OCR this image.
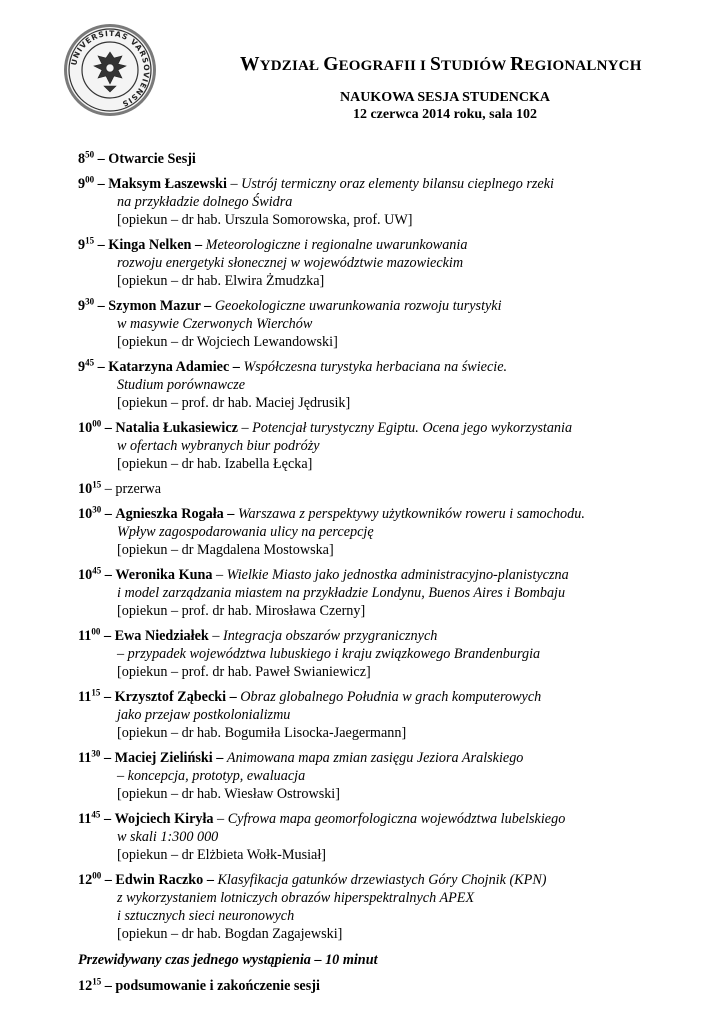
UNIVERSITAS VARSOVIENSIS
WYDZIAŁ GEOGRAFII I STUDIÓW REGIONALNYCH
NAUKOWA SESJA STUDENCKA
12 czerwca 2014 roku, sala 102
$8^{50}$ – Otwarcie Sesji
$9^{00}$ – Maksym Łaszewski – Ustrój termiczny oraz elementy bilansu cieplnego rzeki
na przykładzie dolnego Świdra
[opiekun – dr hab. Urszula Somorowska, prof. UW]
$9^{15}$ – Kinga Nelken – Meteorologiczne i regionalne uwarunkowania
rozwoju energetyki słonecznej w województwie mazowieckim
[opiekun – dr hab. Elwira Żmudzka]
$9^{30}$ – Szymon Mazur – Geoekologiczne uwarunkowania rozwoju turystyki
w masywie Czerwonych Wierchów
[opiekun – dr Wojciech Lewandowski]
$9^{45}$ – Katarzyna Adamiec – Współczesna turystyka herbaciana na świecie.
Studium porównawcze
[opiekun – prof. dr hab. Maciej Jędrusik]
$10^{00}$ – Natalia Łukasiewicz – Potencjał turystyczny Egiptu. Ocena jego wykorzystania
w ofertach wybranych biur podróży
[opiekun – dr hab. Izabella Łęcka]
$10^{15}$ – przerwa
$10^{30}$ – Agnieszka Rogała – Warszawa z perspektywy użytkowników roweru i samochodu.
Wpływ zagospodarowania ulicy na percepcję
[opiekun – dr Magdalena Mostowska]
$10^{45}$ – Weronika Kuna – Wielkie Miasto jako jednostka administracyjno-planistyczna
i model zarządzania miastem na przykładzie Londynu, Buenos Aires i Bombaju
[opiekun – prof. dr hab. Mirosława Czerny]
$11^{00}$ – Ewa Niedziałek – Integracja obszarów przygranicznych
– przypadek województwa lubuskiego i kraju związkowego Brandenburgia
[opiekun – prof. dr hab. Paweł Swianiewicz]
$11^{15}$ – Krzysztof Ząbecki – Obraz globalnego Południa w grach komputerowych
jako przejaw postkolonializmu
[opiekun – dr hab. Bogumiła Lisocka-Jaegermann]
$11^{30}$ – Maciej Zieliński – Animowana mapa zmian zasięgu Jeziora Aralskiego
– koncepcja, prototyp, ewaluacja
[opiekun – dr hab. Wiesław Ostrowski]
$11^{45}$ – Wojciech Kiryła – Cyfrowa mapa geomorfologiczna województwa lubelskiego
w skali 1:300 000
[opiekun – dr Elżbieta Wołk-Musiał]
$12^{00}$ – Edwin Raczko – Klasyfikacja gatunków drzewiastych Góry Chojnik (KPN)
z wykorzystaniem lotniczych obrazów hiperspektralnych APEX
i sztucznych sieci neuronowych
[opiekun – dr hab. Bogdan Zagajewski]
Przewidywany czas jednego wystąpienia – 10 minut
$12^{15}$ – podsumowanie i zakończenie sesji
